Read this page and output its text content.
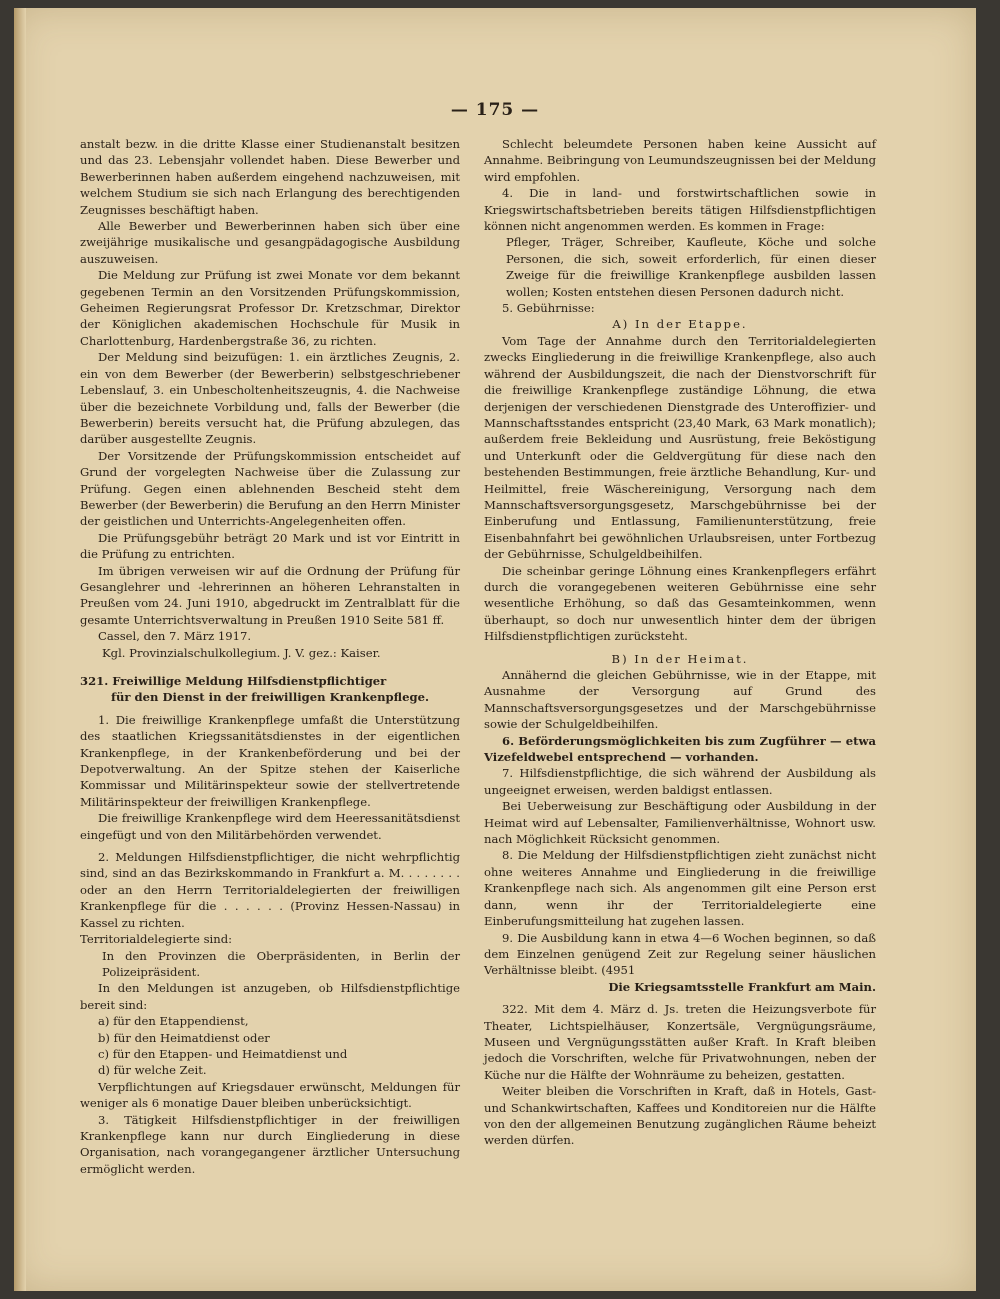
— 175 —

anstalt bezw. in die dritte Klasse einer Studienanstalt besitzen und das 23. Lebensjahr vollendet haben. Diese Bewerber und Bewerberinnen haben außerdem eingehend nachzuweisen, mit welchem Studium sie sich nach Erlangung des berechtigenden Zeugnisses beschäftigt haben.

Alle Bewerber und Bewerberinnen haben sich über eine zweijährige musikalische und gesangpädagogische Ausbildung auszuweisen.

Die Meldung zur Prüfung ist zwei Monate vor dem bekannt gegebenen Termin an den Vorsitzenden Prüfungskommission, Geheimen Regierungsrat Professor Dr. Kretzschmar, Direktor der Königlichen akademischen Hochschule für Musik in Charlottenburg, Hardenbergstraße 36, zu richten.

Der Meldung sind beizufügen: 1. ein ärztliches Zeugnis, 2. ein von dem Bewerber (der Bewerberin) selbstgeschriebener Lebenslauf, 3. ein Unbescholtenheitszeugnis, 4. die Nachweise über die bezeichnete Vorbildung und, falls der Bewerber (die Bewerberin) bereits versucht hat, die Prüfung abzulegen, das darüber ausgestellte Zeugnis.

Der Vorsitzende der Prüfungskommission entscheidet auf Grund der vorgelegten Nachweise über die Zulassung zur Prüfung. Gegen einen ablehnenden Bescheid steht dem Bewerber (der Bewerberin) die Berufung an den Herrn Minister der geistlichen und Unterrichts-Angelegenheiten offen.

Die Prüfungsgebühr beträgt 20 Mark und ist vor Eintritt in die Prüfung zu entrichten.

Im übrigen verweisen wir auf die Ordnung der Prüfung für Gesanglehrer und -lehrerinnen an höheren Lehranstalten in Preußen vom 24. Juni 1910, abgedruckt im Zentralblatt für die gesamte Unterrichtsverwaltung in Preußen 1910 Seite 581 ff.

Cassel, den 7. März 1917.

Kgl. Provinzialschulkollegium. J. V. gez.: Kaiser.

321. Freiwillige Meldung Hilfsdienstpflichtiger

für den Dienst in der freiwilligen Krankenpflege.

1. Die freiwillige Krankenpflege umfaßt die Unterstützung des staatlichen Kriegssanitätsdienstes in der eigentlichen Krankenpflege, in der Krankenbeförderung und bei der Depotverwaltung. An der Spitze stehen der Kaiserliche Kommissar und Militärinspekteur sowie der stellvertretende Militärinspekteur der freiwilligen Krankenpflege.

Die freiwillige Krankenpflege wird dem Heeressanitätsdienst eingefügt und von den Militärbehörden verwendet.

2. Meldungen Hilfsdienstpflichtiger, die nicht wehrpflichtig sind, sind an das Bezirkskommando in Frankfurt a. M. . . . . . . . oder an den Herrn Territorialdelegierten der freiwilligen Krankenpflege für die . . . . . . (Provinz Hessen-Nassau) in Kassel zu richten.

Territorialdelegierte sind:

In den Provinzen die Oberpräsidenten, in Berlin der Polizeipräsident.

In den Meldungen ist anzugeben, ob Hilfsdienstpflichtige bereit sind:

a) für den Etappendienst,
b) für den Heimatdienst oder
c) für den Etappen- und Heimatdienst und
d) für welche Zeit.

Verpflichtungen auf Kriegsdauer erwünscht, Meldungen für weniger als 6 monatige Dauer bleiben unberücksichtigt.

3. Tätigkeit Hilfsdienstpflichtiger in der freiwilligen Krankenpflege kann nur durch Eingliederung in diese Organisation, nach vorangegangener ärztlicher Untersuchung ermöglicht werden.

Schlecht beleumdete Personen haben keine Aussicht auf Annahme. Beibringung von Leumundszeugnissen bei der Meldung wird empfohlen.

4. Die in land- und forstwirtschaftlichen sowie in Kriegswirtschaftsbetrieben bereits tätigen Hilfsdienstpflichtigen können nicht angenommen werden. Es kommen in Frage:

Pfleger, Träger, Schreiber, Kaufleute, Köche und solche Personen, die sich, soweit erforderlich, für einen dieser Zweige für die freiwillige Krankenpflege ausbilden lassen wollen; Kosten entstehen diesen Personen dadurch nicht.

5. Gebührnisse:

A) In der Etappe.

Vom Tage der Annahme durch den Territorialdelegierten zwecks Eingliederung in die freiwillige Krankenpflege, also auch während der Ausbildungszeit, die nach der Dienstvorschrift für die freiwillige Krankenpflege zuständige Löhnung, die etwa derjenigen der verschiedenen Dienstgrade des Unteroffizier- und Mannschaftsstandes entspricht (23,40 Mark, 63 Mark monatlich); außerdem freie Bekleidung und Ausrüstung, freie Beköstigung und Unterkunft oder die Geldvergütung für diese nach den bestehenden Bestimmungen, freie ärztliche Behandlung, Kur- und Heilmittel, freie Wäschereinigung, Versorgung nach dem Mannschaftsversorgungsgesetz, Marschgebührnisse bei der Einberufung und Entlassung, Familienunterstützung, freie Eisenbahnfahrt bei gewöhnlichen Urlaubsreisen, unter Fortbezug der Gebührnisse, Schulgeldbeihilfen.

Die scheinbar geringe Löhnung eines Krankenpflegers erfährt durch die vorangegebenen weiteren Gebührnisse eine sehr wesentliche Erhöhung, so daß das Gesamteinkommen, wenn überhaupt, so doch nur unwesentlich hinter dem der übrigen Hilfsdienstpflichtigen zurücksteht.

B) In der Heimat.

Annähernd die gleichen Gebührnisse, wie in der Etappe, mit Ausnahme der Versorgung auf Grund des Mannschaftsversorgungsgesetzes und der Marschgebührnisse sowie der Schulgeldbeihilfen.

6. Beförderungsmöglichkeiten bis zum Zugführer — etwa Vizefeldwebel entsprechend — vorhanden.

7. Hilfsdienstpflichtige, die sich während der Ausbildung als ungeeignet erweisen, werden baldigst entlassen.

Bei Ueberweisung zur Beschäftigung oder Ausbildung in der Heimat wird auf Lebensalter, Familienverhältnisse, Wohnort usw. nach Möglichkeit Rücksicht genommen.

8. Die Meldung der Hilfsdienstpflichtigen zieht zunächst nicht ohne weiteres Annahme und Eingliederung in die freiwillige Krankenpflege nach sich. Als angenommen gilt eine Person erst dann, wenn ihr der Territorialdelegierte eine Einberufungsmitteilung hat zugehen lassen.

9. Die Ausbildung kann in etwa 4—6 Wochen beginnen, so daß dem Einzelnen genügend Zeit zur Regelung seiner häuslichen Verhältnisse bleibt. (4951

Die Kriegsamtsstelle Frankfurt am Main.

322. Mit dem 4. März d. Js. treten die Heizungsverbote für Theater, Lichtspielhäuser, Konzertsäle, Vergnügungsräume, Museen und Vergnügungsstätten außer Kraft. In Kraft bleiben jedoch die Vorschriften, welche für Privatwohnungen, neben der Küche nur die Hälfte der Wohnräume zu beheizen, gestatten.

Weiter bleiben die Vorschriften in Kraft, daß in Hotels, Gast- und Schankwirtschaften, Kaffees und Konditoreien nur die Hälfte von den der allgemeinen Benutzung zugänglichen Räume beheizt werden dürfen.
